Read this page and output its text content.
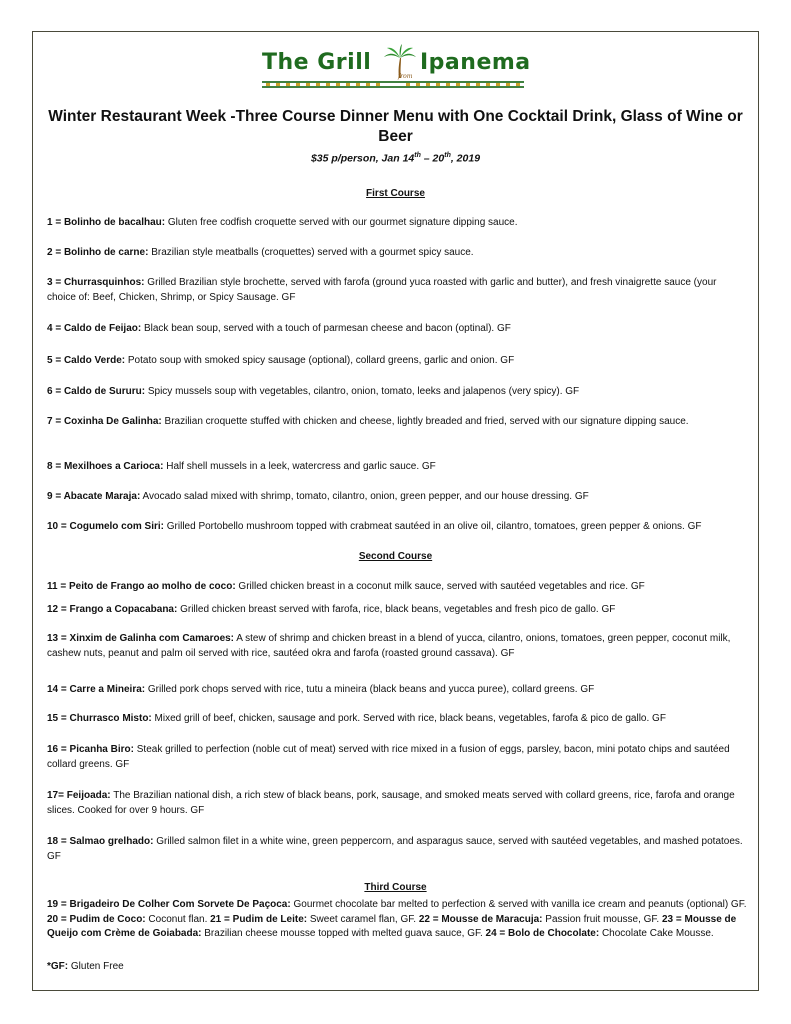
The Grill
from
Ipanema
Winter Restaurant Week -Three Course Dinner Menu with One Cocktail Drink, Glass of Wine or Beer
$35 p/person, Jan 14th – 20th, 2019
First Course
1 = Bolinho de bacalhau: Gluten free codfish croquette served with our gourmet signature dipping sauce.
2 = Bolinho de carne: Brazilian style meatballs (croquettes) served with a gourmet spicy sauce.
3 = Churrasquinhos: Grilled Brazilian style brochette, served with farofa (ground yuca roasted with garlic and butter), and fresh vinaigrette sauce (your choice of: Beef, Chicken, Shrimp, or Spicy Sausage. GF
4 = Caldo de Feijao: Black bean soup, served with a touch of parmesan cheese and bacon (optinal). GF
5 = Caldo Verde: Potato soup with smoked spicy sausage (optional), collard greens, garlic and onion. GF
6 = Caldo de Sururu: Spicy mussels soup with vegetables, cilantro, onion, tomato, leeks and jalapenos (very spicy). GF
7 = Coxinha De Galinha: Brazilian croquette stuffed with chicken and cheese, lightly breaded and fried, served with our signature dipping sauce.
8 = Mexilhoes a Carioca: Half shell mussels in a leek, watercress and garlic sauce. GF
9 = Abacate Maraja: Avocado salad mixed with shrimp, tomato, cilantro, onion, green pepper, and our house dressing. GF
10 = Cogumelo com Siri: Grilled Portobello mushroom topped with crabmeat sautéed in an olive oil, cilantro, tomatoes, green pepper & onions. GF
Second Course
11 = Peito de Frango ao molho de coco: Grilled chicken breast in a coconut milk sauce, served with sautéed vegetables and rice. GF
12 = Frango a Copacabana: Grilled chicken breast served with farofa, rice, black beans, vegetables and fresh pico de gallo. GF
13 = Xinxim de Galinha com Camaroes: A stew of shrimp and chicken breast in a blend of yucca, cilantro, onions, tomatoes, green pepper, coconut milk, cashew nuts, peanut and palm oil served with rice, sautéed okra and farofa (roasted ground cassava). GF
14 = Carre a Mineira: Grilled pork chops served with rice, tutu a mineira (black beans and yucca puree), collard greens. GF
15 = Churrasco Misto: Mixed grill of beef, chicken, sausage and pork. Served with rice, black beans, vegetables, farofa & pico de gallo. GF
16 = Picanha Biro: Steak grilled to perfection (noble cut of meat) served with rice mixed in a fusion of eggs, parsley, bacon, mini potato chips and sautéed collard greens. GF
17= Feijoada: The Brazilian national dish, a rich stew of black beans, pork, sausage, and smoked meats served with collard greens, rice, farofa and orange slices. Cooked for over 9 hours. GF
18 = Salmao grelhado: Grilled salmon filet in a white wine, green peppercorn, and asparagus sauce, served with sautéed vegetables, and mashed potatoes. GF
Third Course
19 = Brigadeiro De Colher Com Sorvete De Paçoca: Gourmet chocolate bar melted to perfection & served with vanilla ice cream and peanuts (optional) GF. 20 = Pudim de Coco: Coconut flan. 21 = Pudim de Leite: Sweet caramel flan, GF. 22 = Mousse de Maracuja: Passion fruit mousse, GF. 23 = Mousse de Queijo com Crème de Goiabada: Brazilian cheese mousse topped with melted guava sauce, GF. 24 = Bolo de Chocolate: Chocolate Cake Mousse.
*GF: Gluten Free
